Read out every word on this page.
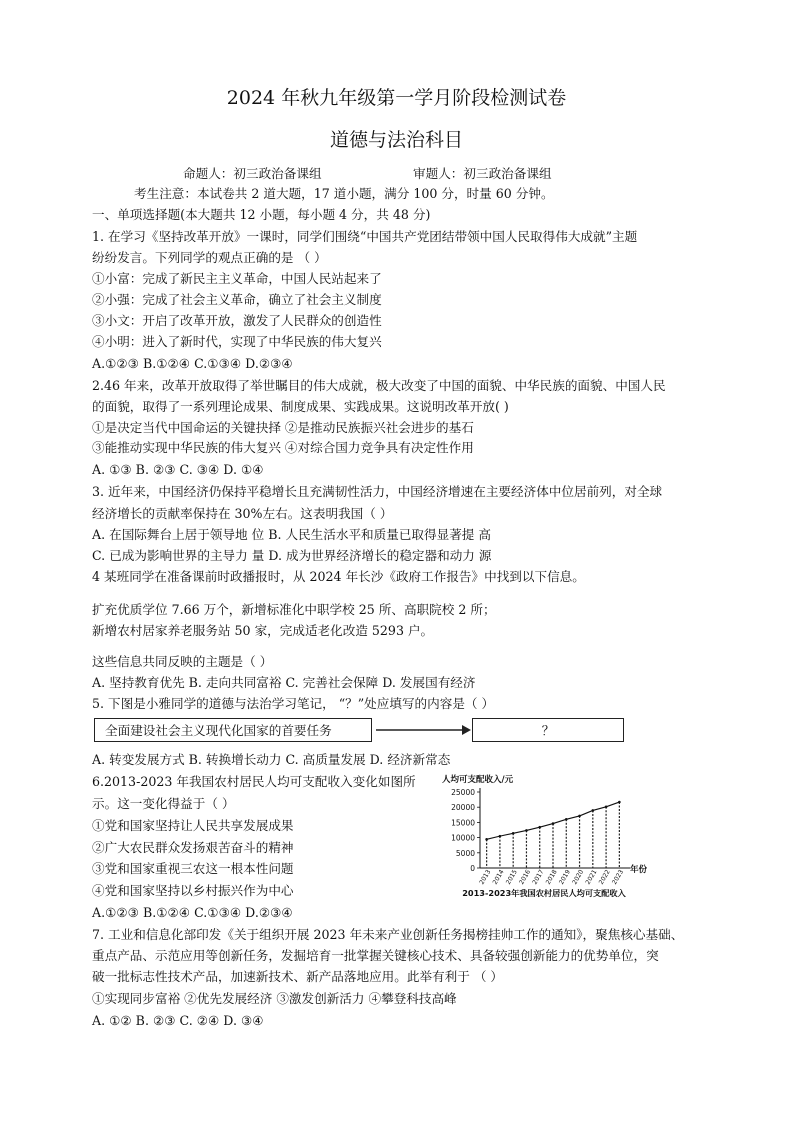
2024 年秋九年级第一学月阶段检测试卷
道德与法治科目
命题人：初三政治备课组	审题人：初三政治备课组
考生注意：本试卷共 2 道大题，17 道小题，满分 100 分，时量 60 分钟。
一、单项选择题(本大题共 12 小题，每小题 4 分，共 48 分)
1. 在学习《坚持改革开放》一课时，同学们围绕“中国共产党团结带领中国人民取得伟大成就”主题
纷纷发言。下列同学的观点正确的是 （ ）
①小富：完成了新民主主义革命，中国人民站起来了
②小强：完成了社会主义革命，确立了社会主义制度
③小文：开启了改革开放，激发了人民群众的创造性
④小明：进入了新时代，实现了中华民族的伟大复兴
A.①②③ B.①②④ C.①③④ D.②③④
2.46 年来，改革开放取得了举世瞩目的伟大成就，极大改变了中国的面貌、中华民族的面貌、中国人民
的面貌，取得了一系列理论成果、制度成果、实践成果。这说明改革开放( )
①是决定当代中国命运的关键抉择 ②是推动民族振兴社会进步的基石
③能推动实现中华民族的伟大复兴 ④对综合国力竞争具有决定性作用
A. ①③ B. ②③ C. ③④ D. ①④
3. 近年来，中国经济仍保持平稳增长且充满韧性活力，中国经济增速在主要经济体中位居前列，对全球
经济增长的贡献率保持在 30%左右。这表明我国（ ）
A. 在国际舞台上居于领导地 位 B. 人民生活水平和质量已取得显著提 高
C. 已成为影响世界的主导力 量 D. 成为世界经济增长的稳定器和动力 源
4 某班同学在准备课前时政播报时，从 2024 年长沙《政府工作报告》中找到以下信息。
扩充优质学位 7.66 万个，新增标准化中职学校 25 所、高职院校 2 所；
新增农村居家养老服务站 50 家，完成适老化改造 5293 户。
这些信息共同反映的主题是（ ）
A. 坚持教育优先 B. 走向共同富裕 C. 完善社会保障 D. 发展国有经济
5. 下图是小雅同学的道德与法治学习笔记， “？”处应填写的内容是（ ）
全面建设社会主义现代化国家的首要任务	？
A. 转变发展方式 B. 转换增长动力 C. 高质量发展 D. 经济新常态
6.2013-2023 年我国农村居民人均可支配收入变化如图所
示。这一变化得益于（ ）
①党和国家坚持让人民共享发展成果
②广大农民群众发扬艰苦奋斗的精神
③党和国家重视三农这一根本性问题
④党和国家坚持以乡村振兴作为中心
A.①②③ B.①②④ C.①③④ D.②③④
人均可支配收入/元
年份
2013-2023年我国农村居民人均可支配收入
0
5000
10000
15000
20000
25000
2013 2014 2015 2016 2017 2018 2019 2020 2021 2022 2023
7. 工业和信息化部印发《关于组织开展 2023 年未来产业创新任务揭榜挂帅工作的通知》，聚焦核心基础、
重点产品、示范应用等创新任务，发掘培育一批掌握关键核心技术、具备较强创新能力的优势单位，突
破一批标志性技术产品，加速新技术、新产品落地应用。此举有利于 （ ）
①实现同步富裕 ②优先发展经济 ③激发创新活力 ④攀登科技高峰
A. ①② B. ②③ C. ②④ D. ③④
